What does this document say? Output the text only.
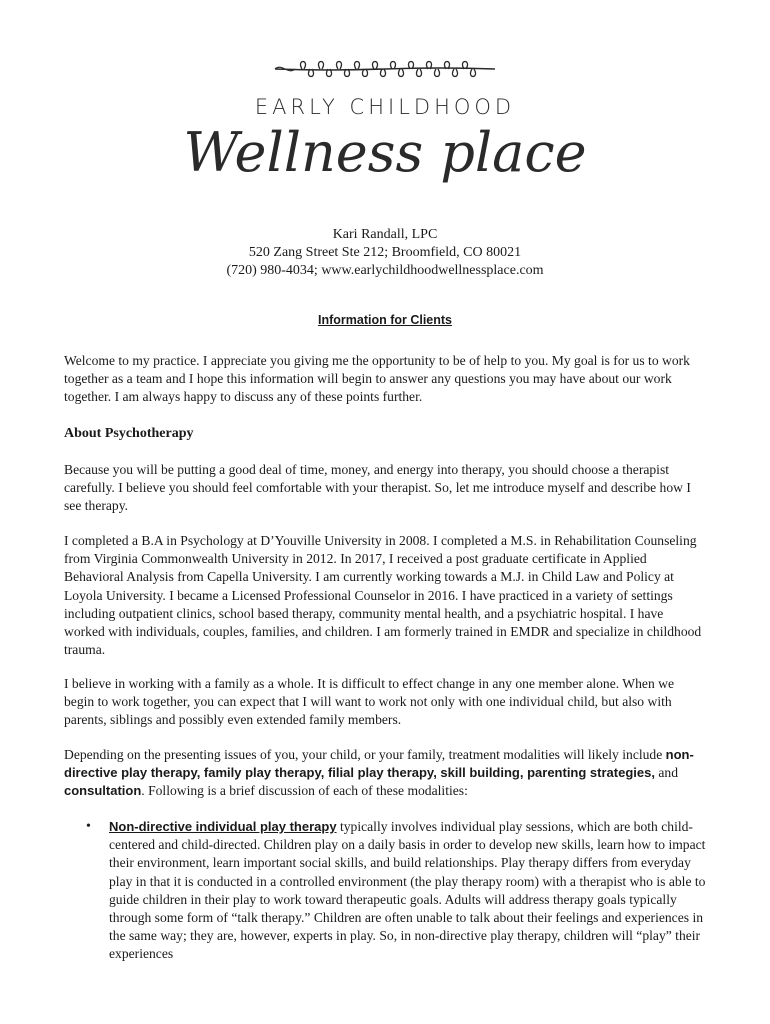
EARLY CHILDHOOD
Wellness place
Kari Randall, LPC
520 Zang Street Ste 212; Broomfield, CO 80021
(720) 980-4034; www.earlychildhoodwellnessplace.com
Information for Clients

Welcome to my practice. I appreciate you giving me the opportunity to be of help to you. My goal is for us to work together as a team and I hope this information will begin to answer any questions you may have about our work together. I am always happy to discuss any of these points further.

About Psychotherapy

Because you will be putting a good deal of time, money, and energy into therapy, you should choose a therapist carefully. I believe you should feel comfortable with your therapist. So, let me introduce myself and describe how I see therapy.

I completed a B.A in Psychology at D’Youville University in 2008. I completed a M.S. in Rehabilitation Counseling from Virginia Commonwealth University in 2012. In 2017, I received a post graduate certificate in Applied Behavioral Analysis from Capella University. I am currently working towards a M.J. in Child Law and Policy at Loyola University. I became a Licensed Professional Counselor in 2016. I have practiced in a variety of settings including outpatient clinics, school based therapy, community mental health, and a psychiatric hospital. I have worked with individuals, couples, families, and children. I am formerly trained in EMDR and specialize in childhood trauma.

I believe in working with a family as a whole. It is difficult to effect change in any one member alone. When we begin to work together, you can expect that I will want to work not only with one individual child, but also with parents, siblings and possibly even extended family members.

Depending on the presenting issues of you, your child, or your family, treatment modalities will likely include non-directive play therapy, family play therapy, filial play therapy, skill building, parenting strategies, and consultation. Following is a brief discussion of each of these modalities:

• Non-directive individual play therapy typically involves individual play sessions, which are both child-centered and child-directed. Children play on a daily basis in order to develop new skills, learn how to impact their environment, learn important social skills, and build relationships. Play therapy differs from everyday play in that it is conducted in a controlled environment (the play therapy room) with a therapist who is able to guide children in their play to work toward therapeutic goals. Adults will address therapy goals typically through some form of “talk therapy.” Children are often unable to talk about their feelings and experiences in the same way; they are, however, experts in play. So, in non-directive play therapy, children will “play” their experiences
